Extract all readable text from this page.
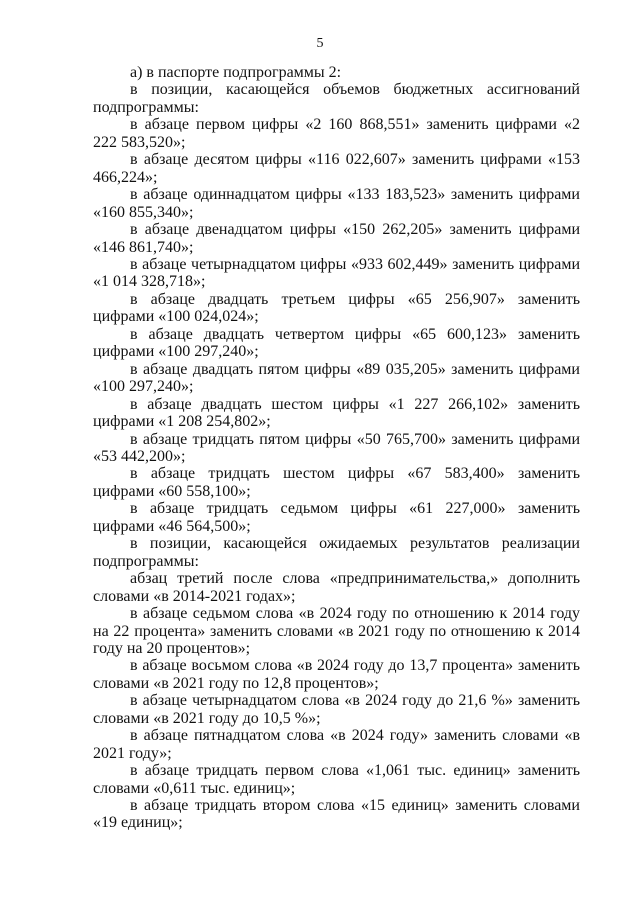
5

а) в паспорте подпрограммы 2:

в позиции, касающейся объемов бюджетных ассигнований подпрограммы:

в абзаце первом цифры «2 160 868,551» заменить цифрами «2 222 583,520»;

в абзаце десятом цифры «116 022,607» заменить цифрами «153 466,224»;

в абзаце одиннадцатом цифры «133 183,523» заменить цифрами «160 855,340»;

в абзаце двенадцатом цифры «150 262,205» заменить цифрами «146 861,740»;

в абзаце четырнадцатом цифры «933 602,449» заменить цифрами «1 014 328,718»;

в абзаце двадцать третьем цифры «65 256,907» заменить цифрами «100 024,024»;

в абзаце двадцать четвертом цифры «65 600,123» заменить цифрами «100 297,240»;

в абзаце двадцать пятом цифры «89 035,205» заменить цифрами «100 297,240»;

в абзаце двадцать шестом цифры «1 227 266,102» заменить цифрами «1 208 254,802»;

в абзаце тридцать пятом цифры «50 765,700» заменить цифрами «53 442,200»;

в абзаце тридцать шестом цифры «67 583,400» заменить цифрами «60 558,100»;

в абзаце тридцать седьмом цифры «61 227,000» заменить цифрами «46 564,500»;

в позиции, касающейся ожидаемых результатов реализации подпрограммы:

абзац третий после слова «предпринимательства,» дополнить словами «в 2014-2021 годах»;

в абзаце седьмом слова «в 2024 году по отношению к 2014 году на 22 процента» заменить словами «в 2021 году по отношению к 2014 году на 20 процентов»;

в абзаце восьмом слова «в 2024 году до 13,7 процента» заменить словами «в 2021 году по 12,8 процентов»;

в абзаце четырнадцатом слова «в 2024 году до 21,6 %» заменить словами «в 2021 году до 10,5 %»;

в абзаце пятнадцатом слова «в 2024 году» заменить словами «в 2021 году»;

в абзаце тридцать первом слова «1,061 тыс. единиц» заменить словами «0,611 тыс. единиц»;

в абзаце тридцать втором слова «15 единиц» заменить словами «19 единиц»;
